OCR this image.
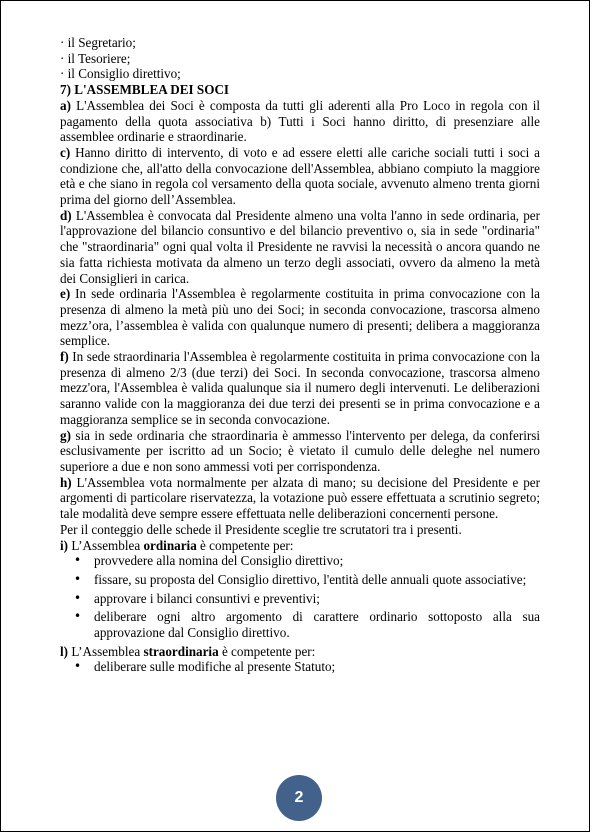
· il Segretario;
· il Tesoriere;
· il Consiglio direttivo;

7) L'ASSEMBLEA DEI SOCI

a) L'Assemblea dei Soci è composta da tutti gli aderenti alla Pro Loco in regola con il pagamento della quota associativa b) Tutti i Soci hanno diritto, di presenziare alle assemblee ordinarie e straordinarie.

c) Hanno diritto di intervento, di voto e ad essere eletti alle cariche sociali tutti i soci a condizione che, all'atto della convocazione dell'Assemblea, abbiano compiuto la maggiore età e che siano in regola col versamento della quota sociale, avvenuto almeno trenta giorni prima del giorno dell’Assemblea.

d) L'Assemblea è convocata dal Presidente almeno una volta l'anno in sede ordinaria, per l'approvazione del bilancio consuntivo e del bilancio preventivo o, sia in sede "ordinaria" che "straordinaria" ogni qual volta il Presidente ne ravvisi la necessità o ancora quando ne sia fatta richiesta motivata da almeno un terzo degli associati, ovvero da almeno la metà dei Consiglieri in carica.

e) In sede ordinaria l'Assemblea è regolarmente costituita in prima convocazione con la presenza di almeno la metà più uno dei Soci; in seconda convocazione, trascorsa almeno mezz’ora, l’assemblea è valida con qualunque numero di presenti; delibera a maggioranza semplice.

f) In sede straordinaria l'Assemblea è regolarmente costituita in prima convocazione con la presenza di almeno 2/3 (due terzi) dei Soci. In seconda convocazione, trascorsa almeno mezz'ora, l'Assemblea è valida qualunque sia il numero degli intervenuti. Le deliberazioni saranno valide con la maggioranza dei due terzi dei presenti se in prima convocazione e a maggioranza semplice se in seconda convocazione.

g) sia in sede ordinaria che straordinaria è ammesso l'intervento per delega, da conferirsi esclusivamente per iscritto ad un Socio; è vietato il cumulo delle deleghe nel numero superiore a due e non sono ammessi voti per corrispondenza.

h) L'Assemblea vota normalmente per alzata di mano; su decisione del Presidente e per argomenti di particolare riservatezza, la votazione può essere effettuata a scrutinio segreto; tale modalità deve sempre essere effettuata nelle deliberazioni concernenti persone.

Per il conteggio delle schede il Presidente sceglie tre scrutatori tra i presenti.

i) L’Assemblea ordinaria è competente per:

• provvedere alla nomina del Consiglio direttivo;
• fissare, su proposta del Consiglio direttivo, l'entità delle annuali quote associative;
• approvare i bilanci consuntivi e preventivi;
• deliberare ogni altro argomento di carattere ordinario sottoposto alla sua approvazione dal Consiglio direttivo.

l) L’Assemblea straordinaria è competente per:

• deliberare sulle modifiche al presente Statuto;
2
